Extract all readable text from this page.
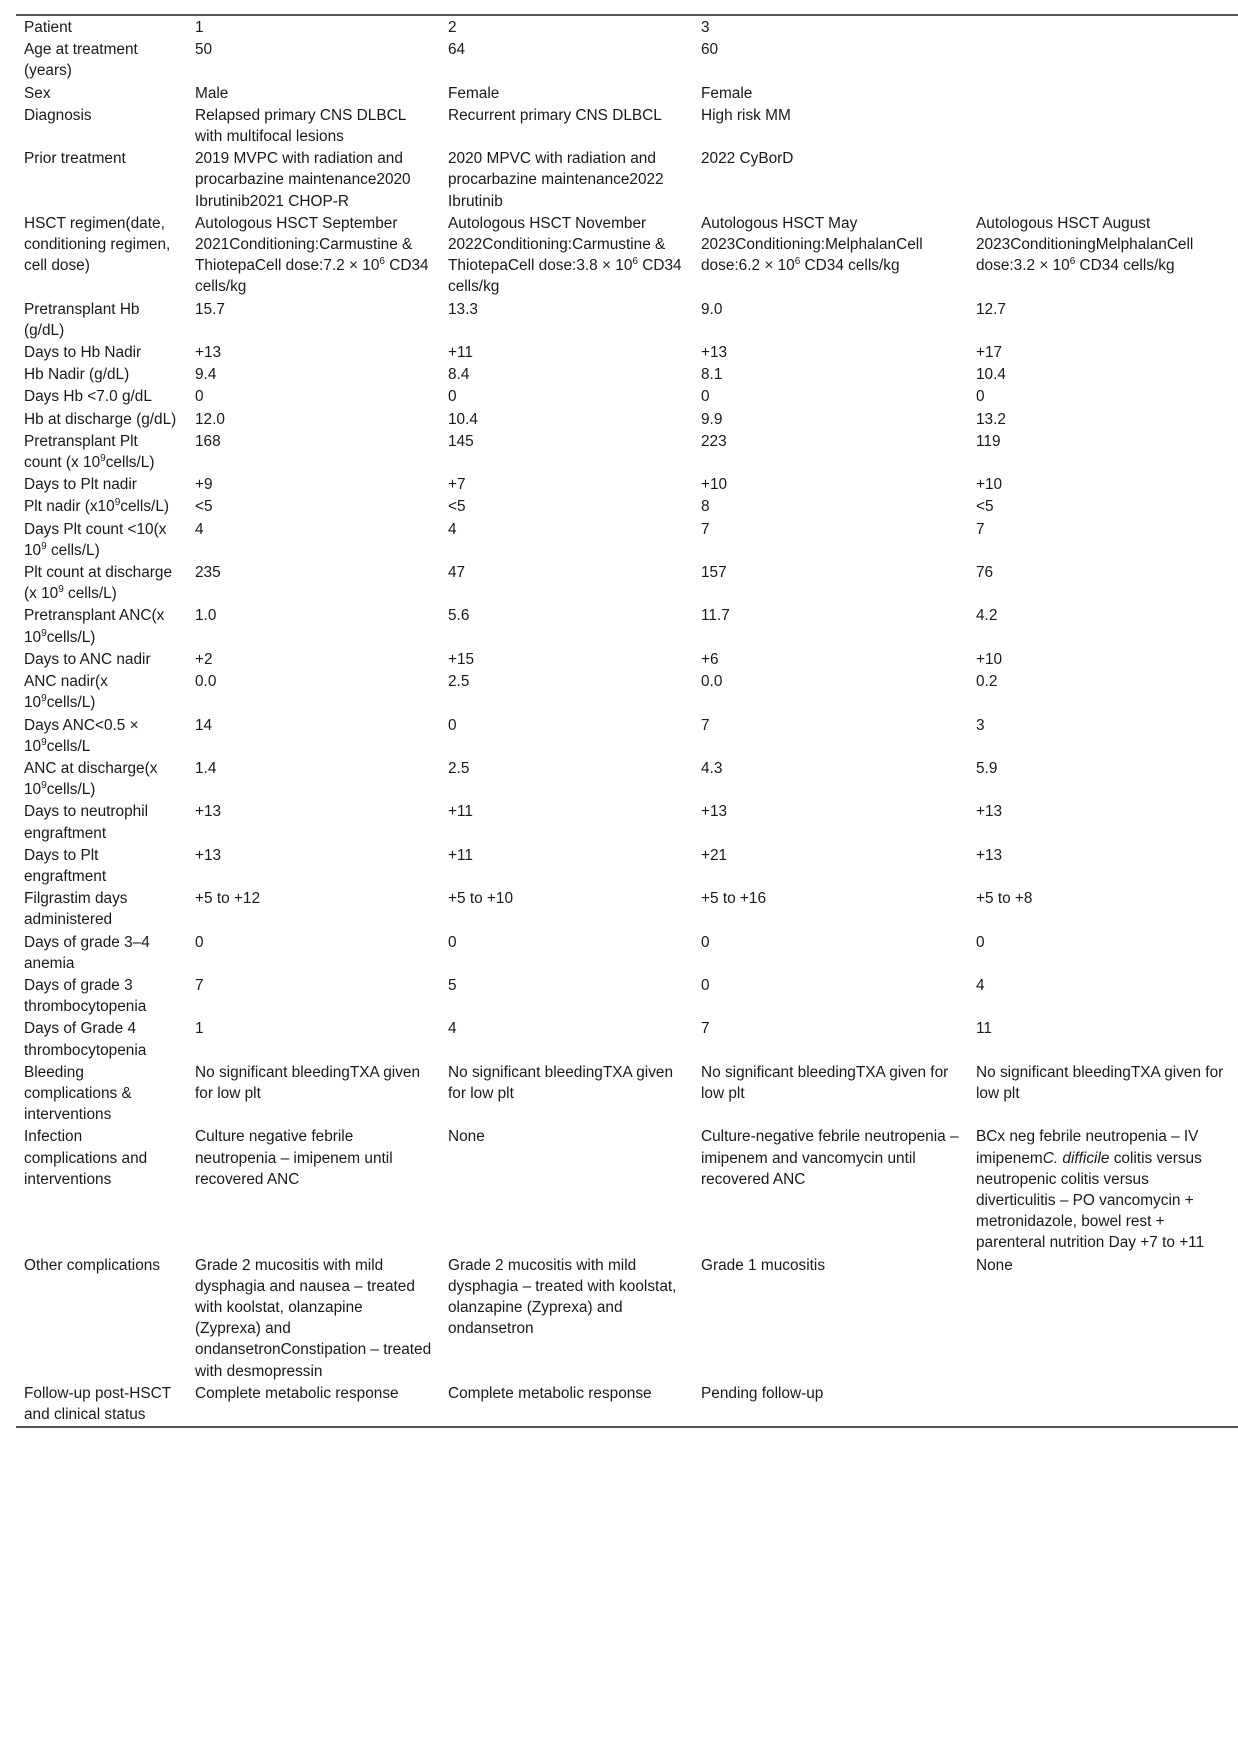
Patient	1	2	3	
Age at treatment (years)	50	64	60	
Sex	Male	Female	Female	
Diagnosis	Relapsed primary CNS DLBCL with multifocal lesions	Recurrent primary CNS DLBCL	High risk MM	
Prior treatment	2019 MVPC with radiation and procarbazine maintenance2020 Ibrutinib2021 CHOP-R	2020 MPVC with radiation and procarbazine maintenance2022 Ibrutinib	2022 CyBorD	
HSCT regimen(date, conditioning regimen, cell dose)	Autologous HSCT September 2021Conditioning:Carmustine & ThiotepaCell dose:7.2 × $10^6$ CD34 cells/kg	Autologous HSCT November 2022Conditioning:Carmustine & ThiotepaCell dose:3.8 × $10^6$ CD34 cells/kg	Autologous HSCT May 2023Conditioning:MelphalanCell dose:6.2 × $10^6$ CD34 cells/kg	Autologous HSCT August 2023ConditioningMelphalanCell dose:3.2 × $10^6$ CD34 cells/kg
Pretransplant Hb (g/dL)	15.7	13.3	9.0	12.7
Days to Hb Nadir	+13	+11	+13	+17
Hb Nadir (g/dL)	9.4	8.4	8.1	10.4
Days Hb <7.0 g/dL	0	0	0	0
Hb at discharge (g/dL)	12.0	10.4	9.9	13.2
Pretransplant Plt count (x $10^9cells/L$)	168	145	223	119
Days to Plt nadir	+9	+7	+10	+10
Plt nadir $(x10^9cells/L)$	<5	<5	8	<5
Days Plt count <10(x $10^9$ cells/L)	4	4	7	7
Plt count at discharge (x $10^9$ cells/L)	235	47	157	76
Pretransplant ANC(x $10^9cells/L$)	1.0	5.6	11.7	4.2
Days to ANC nadir	+2	+15	+6	+10
ANC nadir(x $10^9cells/L$)	0.0	2.5	0.0	0.2
Days $ANC<0.5 \times 10^9cells/L$	14	0	7	3
ANC at discharge(x $10^9cells/L$)	1.4	2.5	4.3	5.9
Days to neutrophil engraftment	+13	+11	+13	+13
Days to Plt engraftment	+13	+11	+21	+13
Filgrastim days administered	+5 to +12	+5 to +10	+5 to +16	+5 to +8
Days of grade 3–4 anemia	0	0	0	0
Days of grade 3 thrombocytopenia	7	5	0	4
Days of Grade 4 thrombocytopenia	1	4	7	11
Bleeding complications & interventions	No significant bleedingTXA given for low plt	No significant bleedingTXA given for low plt	No significant bleedingTXA given for low plt	No significant bleedingTXA given for low plt
Infection complications and interventions	Culture negative febrile neutropenia – imipenem until recovered ANC	None	Culture-negative febrile neutropenia – imipenem and vancomycin until recovered ANC	BCx neg febrile neutropenia – IV imipenemC. difficile colitis versus neutropenic colitis versus diverticulitis – PO vancomycin + metronidazole, bowel rest + parenteral nutrition Day +7 to +11
Other complications	Grade 2 mucositis with mild dysphagia and nausea – treated with koolstat, olanzapine (Zyprexa) and ondansetronConstipation – treated with desmopressin	Grade 2 mucositis with mild dysphagia – treated with koolstat, olanzapine (Zyprexa) and ondansetron	Grade 1 mucositis	None
Follow-up post-HSCT and clinical status	Complete metabolic response	Complete metabolic response	Pending follow-up	
